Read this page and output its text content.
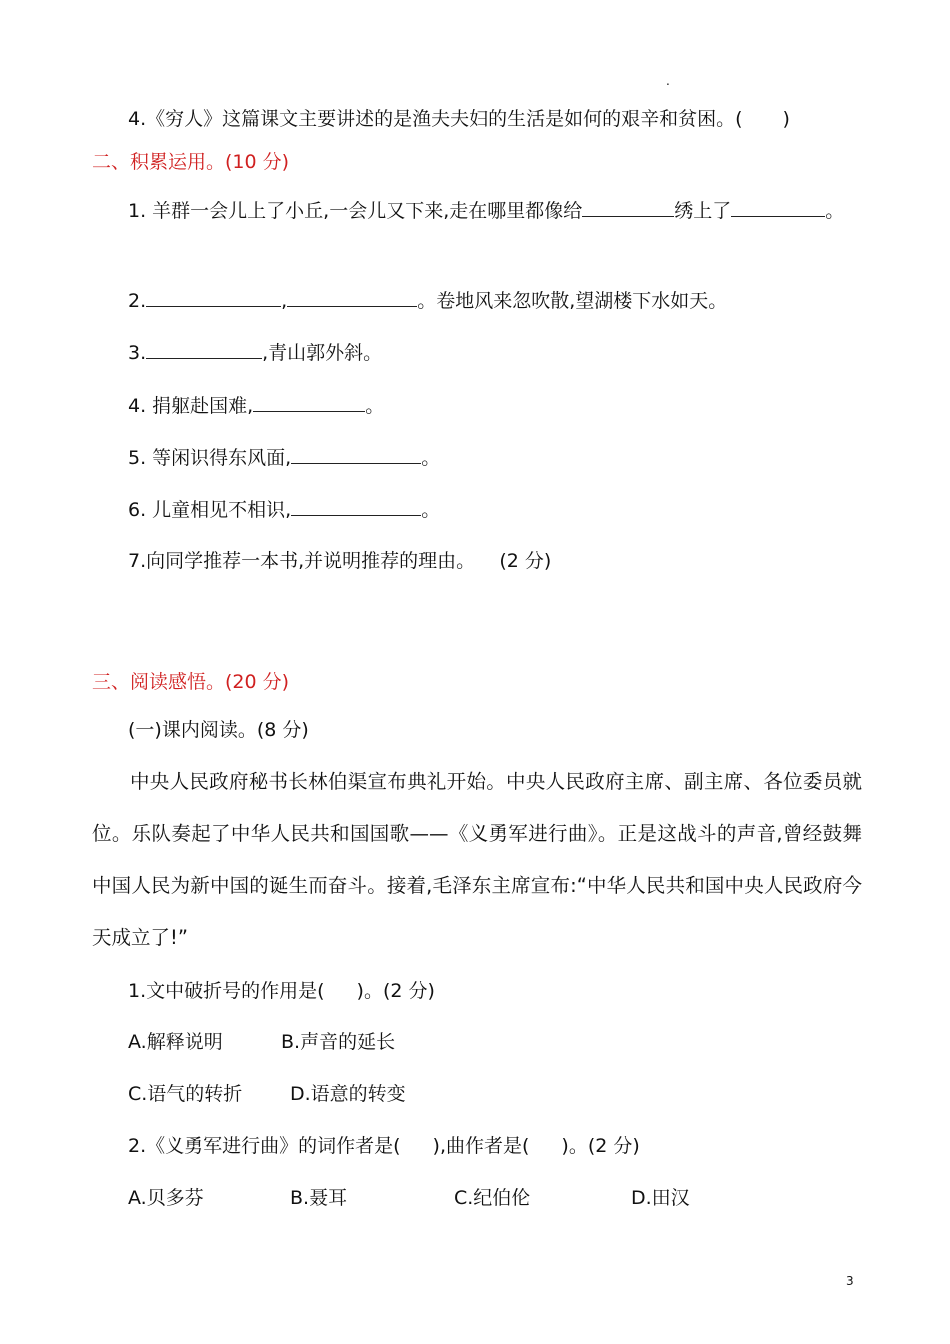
.
4.《穷人》这篇课文主要讲述的是渔夫夫妇的生活是如何的艰辛和贫困。( )
二、积累运用。(10 分)
1. 羊群一会儿上了小丘,一会儿又下来,走在哪里都像给	绣上了	。
2.	,	。卷地风来忽吹散,望湖楼下水如天。
3.	,青山郭外斜。
4. 捐躯赴国难,	。
5. 等闲识得东风面,	。
6. 儿童相见不相识,	。
7.向同学推荐一本书,并说明推荐的理由。 (2 分)
三、阅读感悟。(20 分)
(一)课内阅读。(8 分)
中央人民政府秘书长林伯渠宣布典礼开始。中央人民政府主席、副主席、各位委员就位。乐队奏起了中华人民共和国国歌——《义勇军进行曲》。正是这战斗的声音,曾经鼓舞中国人民为新中国的诞生而奋斗。接着,毛泽东主席宣布:“中华人民共和国中央人民政府今天成立了!”
1.文中破折号的作用是( )。(2 分)
A.解释说明	B.声音的延长
C.语气的转折	D.语意的转变
2.《义勇军进行曲》的词作者是( ),曲作者是( )。(2 分)
A.贝多芬	B.聂耳	C.纪伯伦	D.田汉
3
